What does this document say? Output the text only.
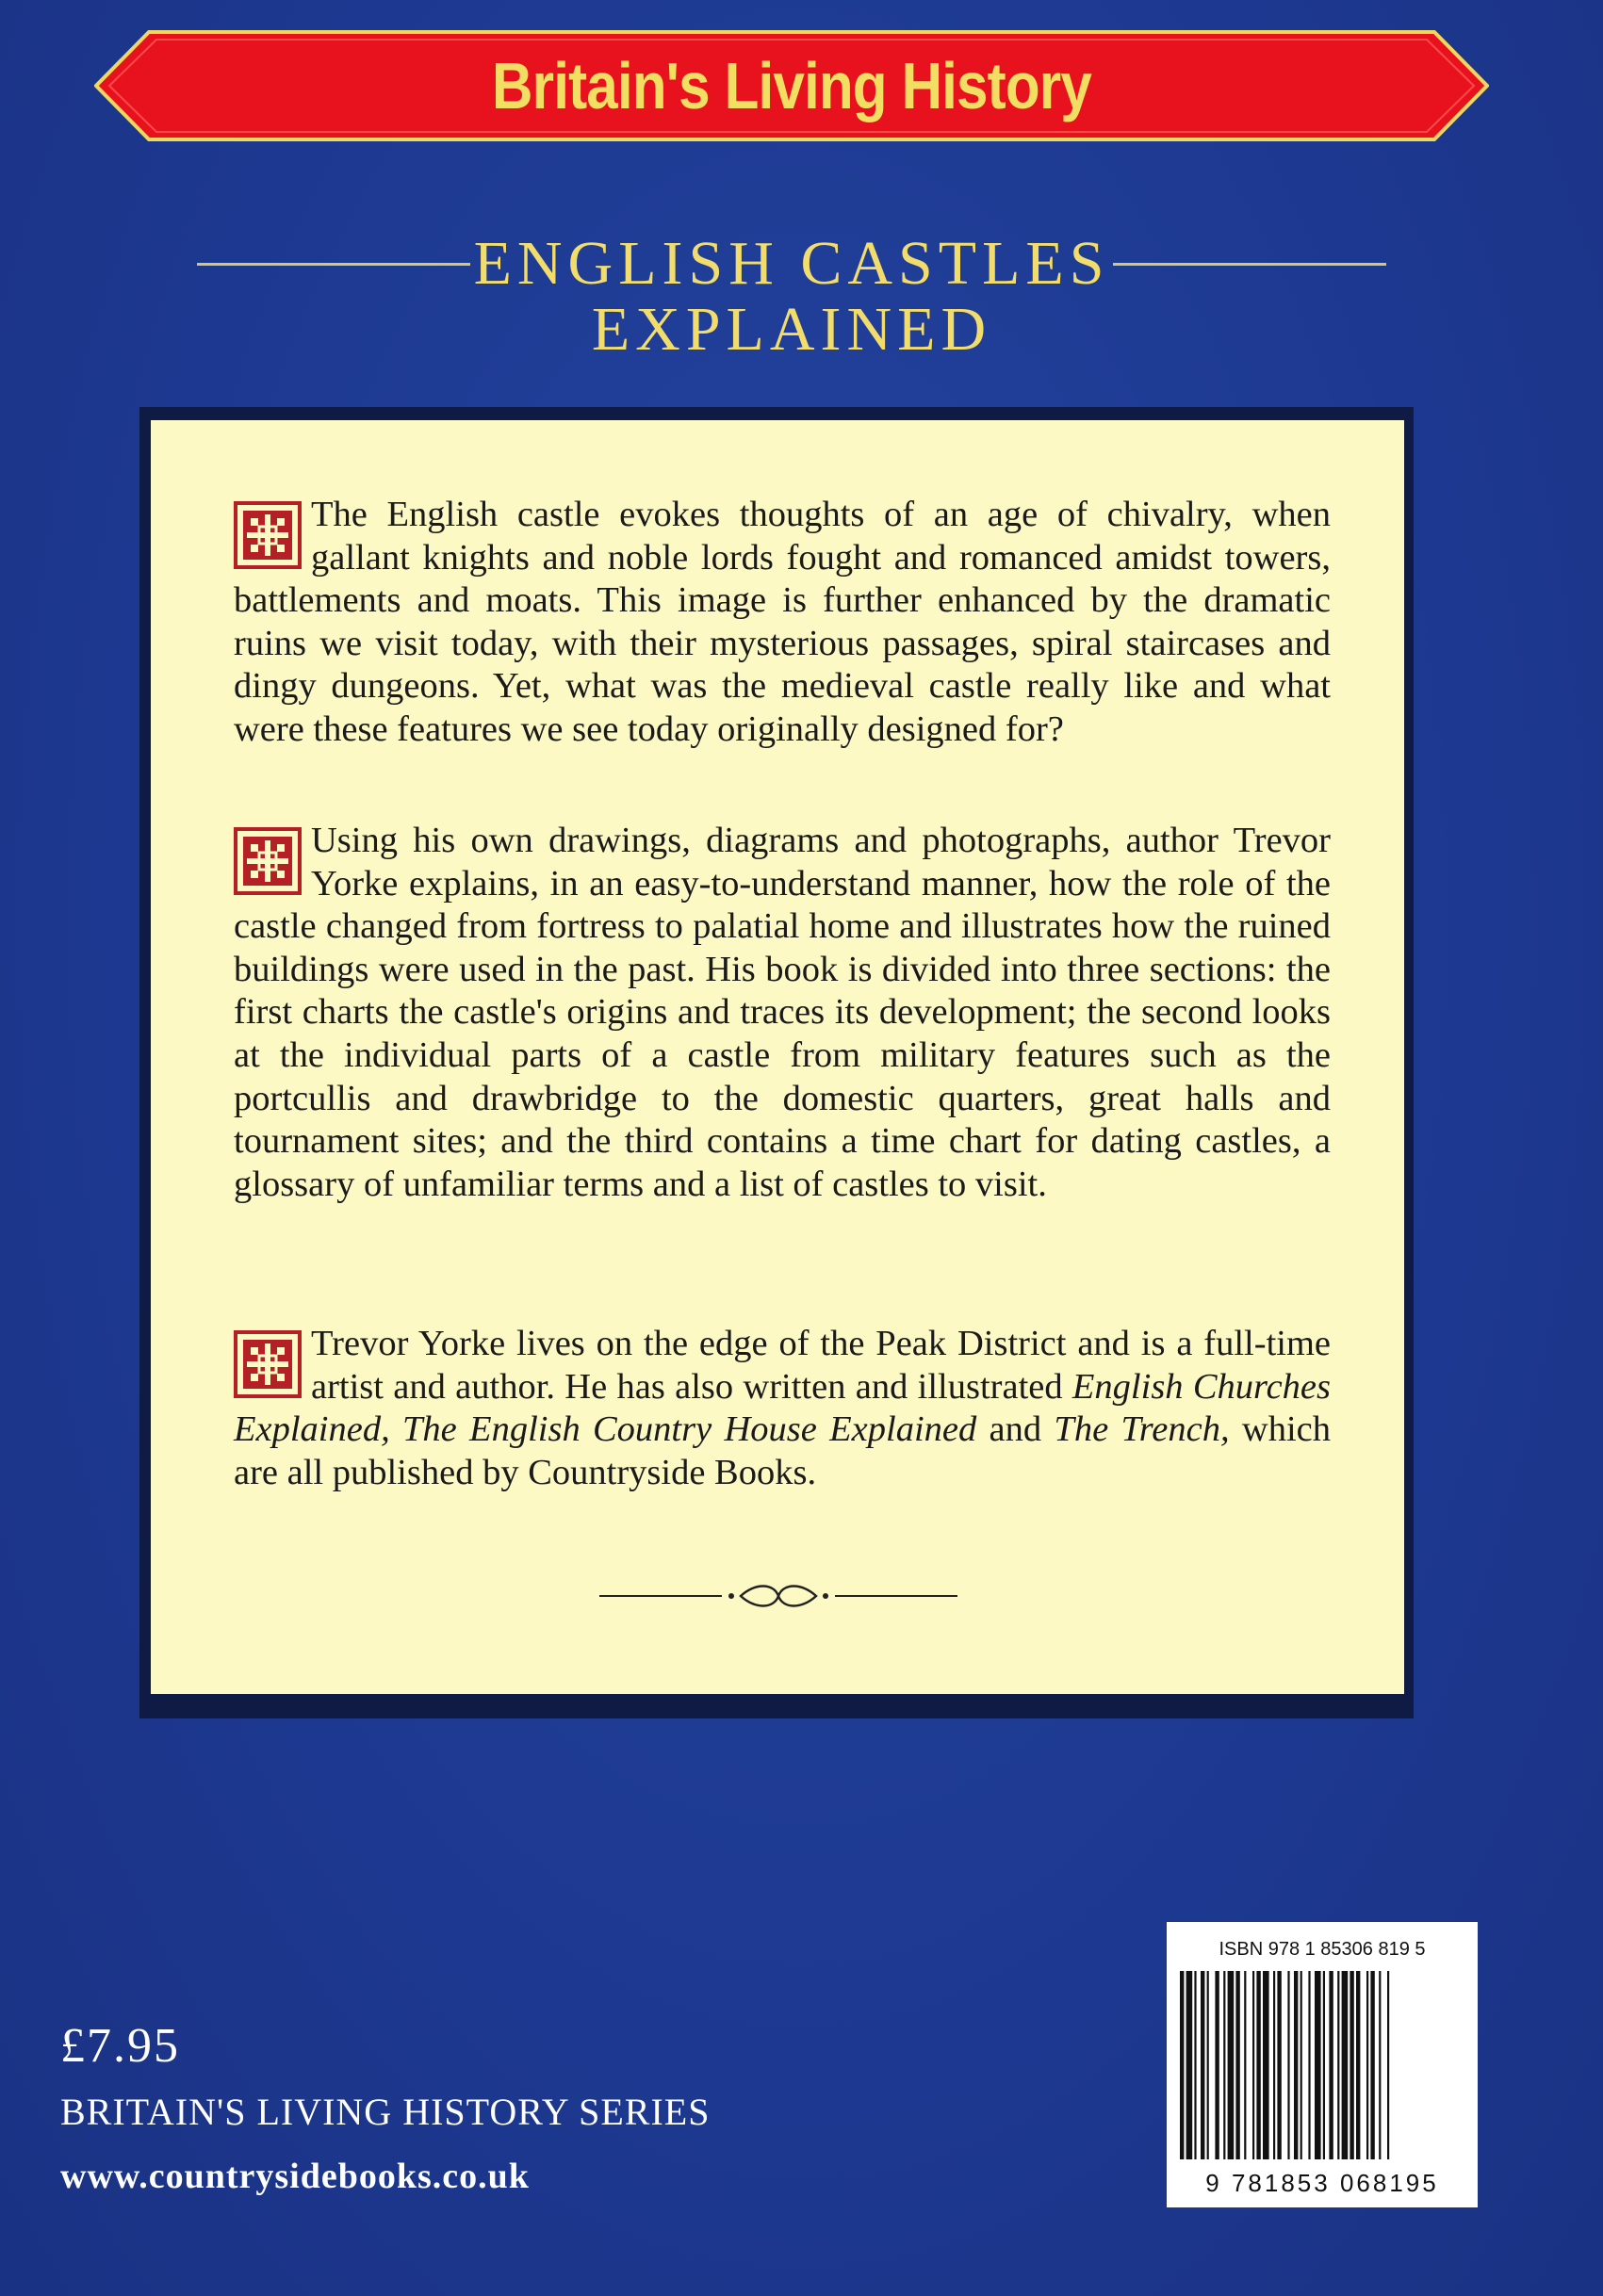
Britain's Living History
ENGLISH CASTLES
EXPLAINED

The English castle evokes thoughts of an age of chivalry, when gallant knights and noble lords fought and romanced amidst towers, battlements and moats. This image is further enhanced by the dramatic ruins we visit today, with their mysterious passages, spiral staircases and dingy dungeons. Yet, what was the medieval castle really like and what were these features we see today originally designed for?

Using his own drawings, diagrams and photographs, author Trevor Yorke explains, in an easy-to-understand manner, how the role of the castle changed from fortress to palatial home and illustrates how the ruined buildings were used in the past. His book is divided into three sections: the first charts the castle's origins and traces its development; the second looks at the individual parts of a castle from military features such as the portcullis and drawbridge to the domestic quarters, great halls and tournament sites; and the third contains a time chart for dating castles, a glossary of unfamiliar terms and a list of castles to visit.

Trevor Yorke lives on the edge of the Peak District and is a full-time artist and author. He has also written and illustrated English Churches Explained, The English Country House Explained and The Trench, which are all published by Countryside Books.

£7.95
BRITAIN'S LIVING HISTORY SERIES
www.countrysidebooks.co.uk
ISBN 978 1 85306 819 5
9 781853 068195
